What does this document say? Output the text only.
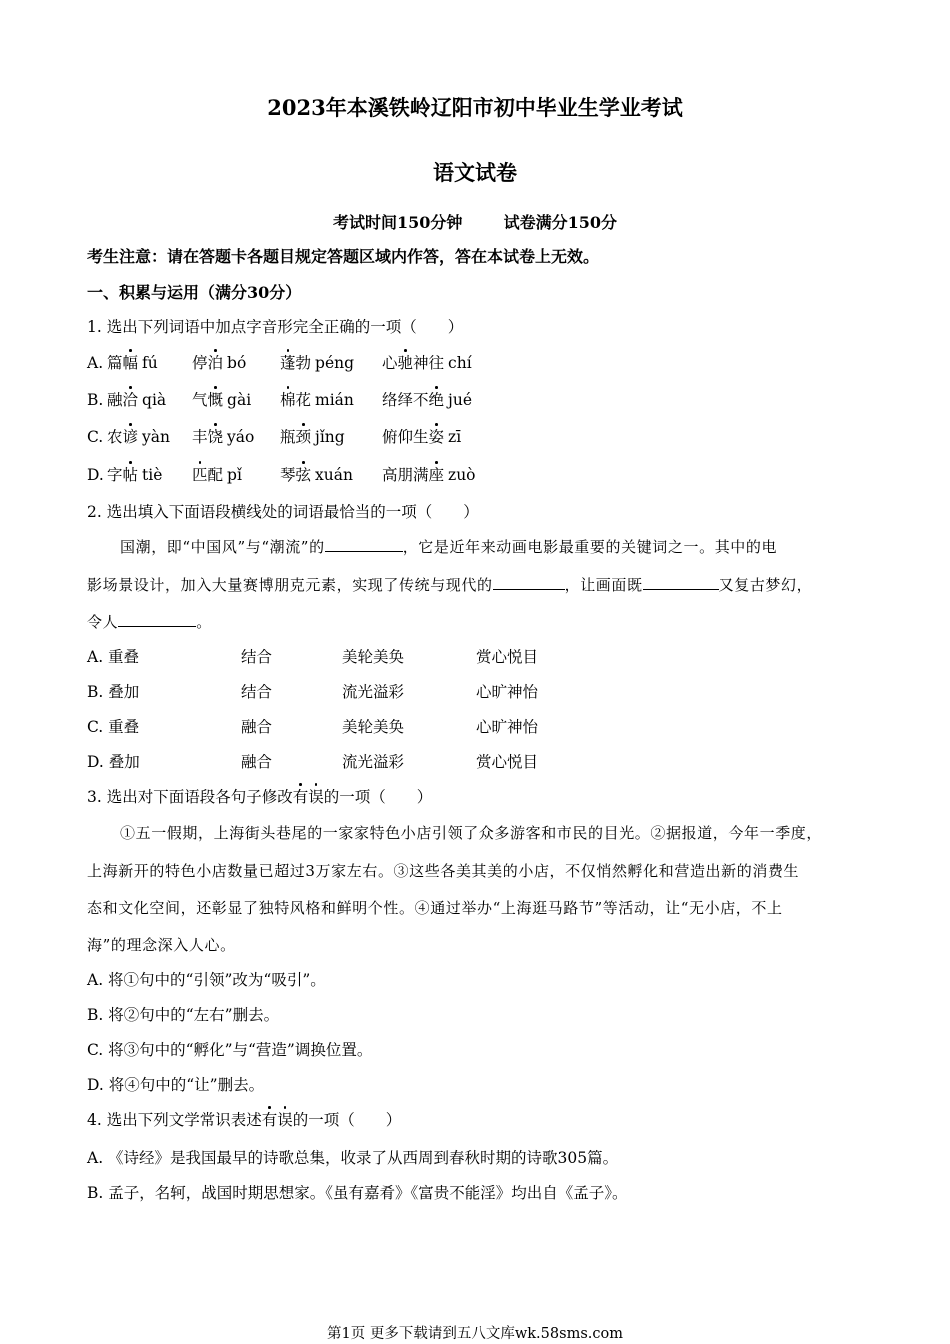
2023年本溪铁岭辽阳市初中毕业生学业考试
语文试卷
考试时间150分钟	试卷满分150分
考生注意：请在答题卡各题目规定答题区域内作答，答在本试卷上无效。
一、积累与运用（满分30分）
1. 选出下列词语中加点字音形完全正确的一项（　　）
A. 篇幅 fú 停泊 bó 蓬勃 péng 心驰神往 chí
B. 融洽 qià 气慨 gài 棉花 mián 络绎不绝 jué
C. 农谚 yàn 丰饶 yáo 瓶颈 jǐng 俯仰生姿 zī
D. 字帖 tiè 匹配 pǐ 琴弦 xuán 高朋满座 zuò
2. 选出填入下面语段横线处的词语最恰当的一项（　　）
国潮，即“中国风”与“潮流”的	，它是近年来动画电影最重要的关键词之一。其中的电
影场景设计，加入大量赛博朋克元素，实现了传统与现代的	，让画面既	又复古梦幻，
令人	。
A. 重叠	结合	美轮美奂	赏心悦目
B. 叠加	结合	流光溢彩	心旷神怡
C. 重叠	融合	美轮美奂	心旷神怡
D. 叠加	融合	流光溢彩	赏心悦目
3. 选出对下面语段各句子修改有误的一项（　　）
①五一假期，上海街头巷尾的一家家特色小店引领了众多游客和市民的目光。②据报道，今年一季度，
上海新开的特色小店数量已超过3万家左右。③这些各美其美的小店，不仅悄然孵化和营造出新的消费生
态和文化空间，还彰显了独特风格和鲜明个性。④通过举办“上海逛马路节”等活动，让“无小店，不上
海”的理念深入人心。
A. 将①句中的“引领”改为“吸引”。
B. 将②句中的“左右”删去。
C. 将③句中的“孵化”与“营造”调换位置。
D. 将④句中的“让”删去。
4. 选出下列文学常识表述有误的一项（　　）
A. 《诗经》是我国最早的诗歌总集，收录了从西周到春秋时期的诗歌305篇。
B. 孟子，名轲，战国时期思想家。《虽有嘉肴》《富贵不能淫》均出自《孟子》。
第1页 更多下载请到五八文库wk.58sms.com
